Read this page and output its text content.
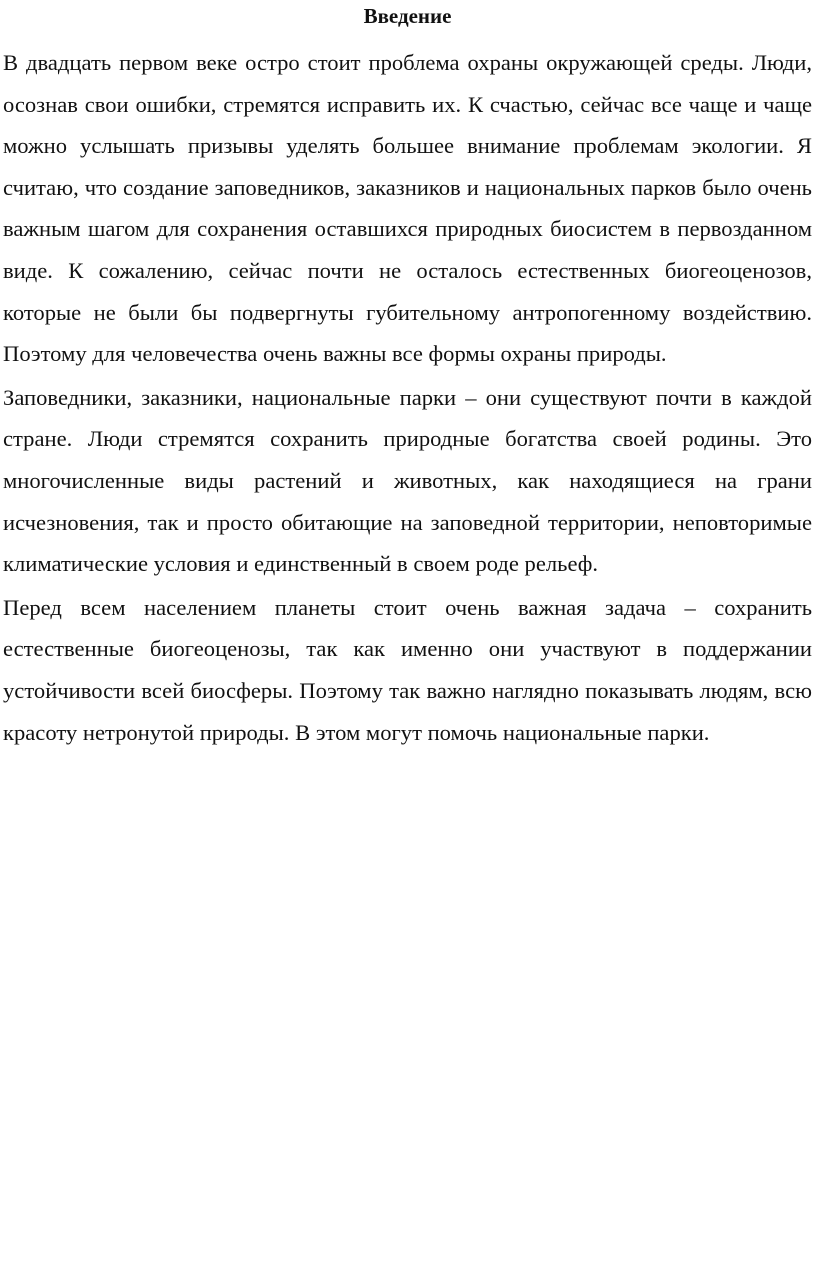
Введение

В двадцать первом веке остро стоит проблема охраны окружающей среды. Люди, осознав свои ошибки, стремятся исправить их. К счастью, сейчас все чаще и чаще можно услышать призывы уделять большее внимание проблемам экологии. Я считаю, что создание заповедников, заказников и национальных парков было очень важным шагом для сохранения оставшихся природных биосистем в первозданном виде. К сожалению, сейчас почти не осталось естественных биогеоценозов, которые не были бы подвергнуты губительному антропогенному воздействию. Поэтому для человечества очень важны все формы охраны природы.

Заповедники, заказники, национальные парки – они существуют почти в каждой стране. Люди стремятся сохранить природные богатства своей родины. Это многочисленные виды растений и животных, как находящиеся на грани исчезновения, так и просто обитающие на заповедной территории, неповторимые климатические условия и единственный в своем роде рельеф.

Перед всем населением планеты стоит очень важная задача – сохранить естественные биогеоценозы, так как именно они участвуют в поддержании устойчивости всей биосферы. Поэтому так важно наглядно показывать людям, всю красоту нетронутой природы. В этом могут помочь национальные парки.
